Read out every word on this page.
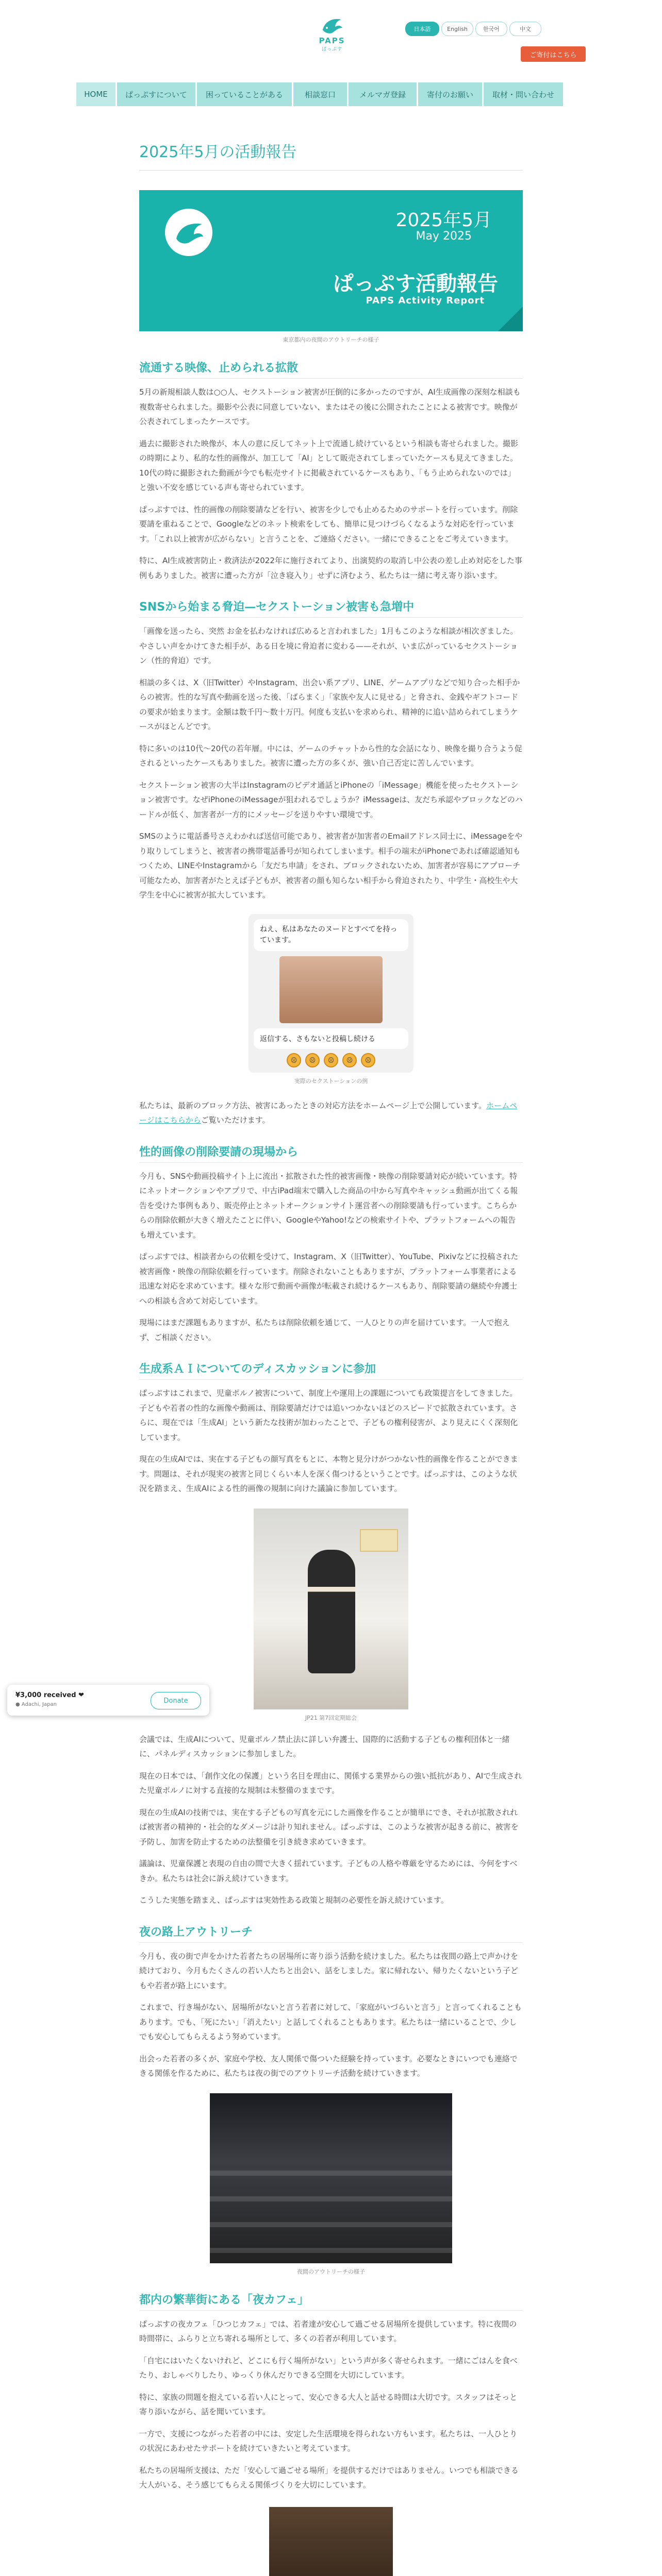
PAPS
ぱっぷす
日本語	English	한국어	中文
ご寄付はこちら
HOME	ぱっぷすについて	困っていることがある	相談窓口	メルマガ登録	寄付のお願い	取材・問い合わせ
2025年5月の活動報告
2025年5月
May 2025
ぱっぷす活動報告
PAPS Activity Report
東京都内の夜間のアウトリーチの様子
流通する映像、止められる拡散

5月の新規相談人数は○○人、セクストーション被害が圧倒的に多かったのですが、AI生成画像の深刻な相談も複数寄せられました。撮影や公表に同意していない、またはその後に公開されたことによる被害です。映像が公表されてしまったケースです。

過去に撮影された映像が、本人の意に反してネット上で流通し続けているという相談も寄せられました。撮影の時期により、私的な性的画像が、加工して「AI」として販売されてしまっていたケースも見えてきました。10代の時に撮影された動画が今でも転売サイトに掲載されているケースもあり、「もう止められないのでは」と強い不安を感じている声も寄せられています。

ぱっぷすでは、性的画像の削除要請などを行い、被害を少しでも止めるためのサポートを行っています。削除要請を重ねることで、Googleなどのネット検索をしても、簡単に見つけづらくなるような対応を行っています。「これ以上被害が広がらない」と言うことを、ご連絡ください。一緒にできることをご考えていきます。

特に、AI生成被害防止・救済法が2022年に施行されてより、出演契約の取消し中公表の差し止め対応をした事例もありました。被害に遭った方が「泣き寝入り」せずに済むよう、私たちは一緒に考え寄り添います。

SNSから始まる脅迫—セクストーション被害も急増中

「画像を送ったら、突然 お金を払わなければ広めると言われました」1月もこのような相談が相次ぎました。やさしい声をかけてきた相手が、ある日を境に脅迫者に変わる——それが、いま広がっているセクストーション（性的脅迫）です。

相談の多くは、X（旧Twitter）やInstagram、出会い系アプリ、LINE、ゲームアプリなどで知り合った相手からの被害。性的な写真や動画を送った後、「ばらまく」「家族や友人に見せる」と脅され、金銭やギフトコードの要求が始まります。金額は数千円〜数十万円。何度も支払いを求められ、精神的に追い詰められてしまうケースがほとんどです。

特に多いのは10代〜20代の若年層。中には、ゲームのチャットから性的な会話になり、映像を撮り合うよう促されるといったケースもありました。被害に遭った方の多くが、強い自己否定に苦しんでいます。

セクストーション被害の大半はInstagramのビデオ通話とiPhoneの「iMessage」機能を使ったセクストーション被害です。なぜiPhoneのiMessageが狙われるでしょうか？iMessageは、友だち承認やブロックなどのハードルが低く、加害者が一方的にメッセージを送りやすい環境です。

SMSのように電話番号さえわかれば送信可能であり、被害者が加害者のEmailアドレス同士に、iMessageをやり取りしてしまうと、被害者の携帯電話番号が知られてしまいます。相手の端末がiPhoneであれば確認通知もつくため、LINEやInstagramから「友だち申請」をされ、ブロックされないため、加害者が容易にアプローチ可能なため、加害者がたとえば子どもが、被害者の顔も知らない相手から脅迫されたり、中学生・高校生や大学生を中心に被害が拡大しています。

ねえ、私はあなたのヌードとすべてを持っています。
返信する、さもないと投稿し続ける
☹	☹	☹	☹	☹
実際のセクストーションの例

私たちは、最新のブロック方法、被害にあったときの対応方法をホームページ上で公開しています。ホームページはこちらからご覧いただけます。

性的画像の削除要請の現場から

今月も、SNSや動画投稿サイト上に流出・拡散された性的被害画像・映像の削除要請対応が続いています。特にネットオークションやアプリで、中古iPad端末で購入した商品の中から写真やキャッシュ動画が出てくる報告を受けた事例もあり、販売停止とネットオークションサイト運営者への削除要請も行っています。こちらからの削除依頼が大きく増えたことに伴い、GoogleやYahoo!などの検索サイトや、プラットフォームへの報告も増えています。

ぱっぷすでは、相談者からの依頼を受けて、Instagram、X（旧Twitter）、YouTube、Pixivなどに投稿された被害画像・映像の削除依頼を行っています。削除されないこともありますが、プラットフォーム事業者による迅速な対応を求めています。様々な形で動画や画像が転載され続けるケースもあり、削除要請の継続や弁護士への相談も含めて対応しています。

現場にはまだ課題もありますが、私たちは削除依頼を通じて、一人ひとりの声を届けています。一人で抱えず、ご相談ください。

生成系ＡＩについてのディスカッションに参加

ぱっぷすはこれまで、児童ポルノ被害について、制度上や運用上の課題についても政策提言をしてきました。子どもや若者の性的な画像や動画は、削除要請だけでは追いつかないほどのスピードで拡散されています。さらに、現在では「生成AI」という新たな技術が加わったことで、子どもの権利侵害が、より見えにくく深刻化しています。

現在の生成AIでは、実在する子どもの顔写真をもとに、本物と見分けがつかない性的画像を作ることができます。問題は、それが現実の被害と同じくらい本人を深く傷つけるということです。ぱっぷすは、このような状況を踏まえ、生成AIによる性的画像の規制に向けた議論に参加しています。

JP21 第7回定期総会

会議では、生成AIについて、児童ポルノ禁止法に詳しい弁護士、国際的に活動する子どもの権利団体と一緒に、パネルディスカッションに参加しました。

現在の日本では、「創作文化の保護」という名目を理由に、関係する業界からの強い抵抗があり、AIで生成された児童ポルノに対する直接的な規制は未整備のままです。

現在の生成AIの技術では、実在する子どもの写真を元にした画像を作ることが簡単にでき、それが拡散されれば被害者の精神的・社会的なダメージは計り知れません。ぱっぷすは、このような被害が起きる前に、被害を予防し、加害を防止するための法整備を引き続き求めていきます。

議論は、児童保護と表現の自由の間で大きく揺れています。子どもの人格や尊厳を守るためには、今何をすべきか。私たちは社会に訴え続けていきます。

こうした実態を踏まえ、ぱっぷすは実効性ある政策と規制の必要性を訴え続けています。

夜の路上アウトリーチ

今月も、夜の街で声をかけた若者たちの居場所に寄り添う活動を続けました。私たちは夜間の路上で声かけを続けており、今月もたくさんの若い人たちと出会い、話をしました。家に帰れない、帰りたくないという子どもや若者が路上にいます。

これまで、行き場がない、居場所がないと言う若者に対して、「家庭がいづらいと言う」と言ってくれることもあります。でも、「死にたい」「消えたい」と話してくれることもあります。私たちは一緒にいることで、少しでも安心してもらえるよう努めています。

出会った若者の多くが、家庭や学校、友人関係で傷ついた経験を持っています。必要なときにいつでも連絡できる関係を作るために、私たちは夜の街でのアウトリーチ活動を続けていきます。

夜間のアウトリーチの様子
都内の繁華街にある「夜カフェ」

ぱっぷすの夜カフェ「ひつじカフェ」では、若者達が安心して過ごせる居場所を提供しています。特に夜間の時間帯に、ふらりと立ち寄れる場所として、多くの若者が利用しています。

「自宅にはいたくないけれど、どこにも行く場所がない」という声が多く寄せられます。一緒にごはんを食べたり、おしゃべりしたり、ゆっくり休んだりできる空間を大切にしています。

特に、家族の問題を抱えている若い人にとって、安心できる大人と話せる時間は大切です。スタッフはそっと寄り添いながら、話を聞いています。

一方で、支援につながった若者の中には、安定した生活環境を得られない方もいます。私たちは、一人ひとりの状況にあわせたサポートを続けていきたいと考えています。

私たちの居場所支援は、ただ「安心して過ごせる場所」を提供するだけではありません。いつでも相談できる大人がいる、そう感じてもらえる関係づくりを大切にしています。

¥3,000 received ❤
● Adachi, Japan	Donate
